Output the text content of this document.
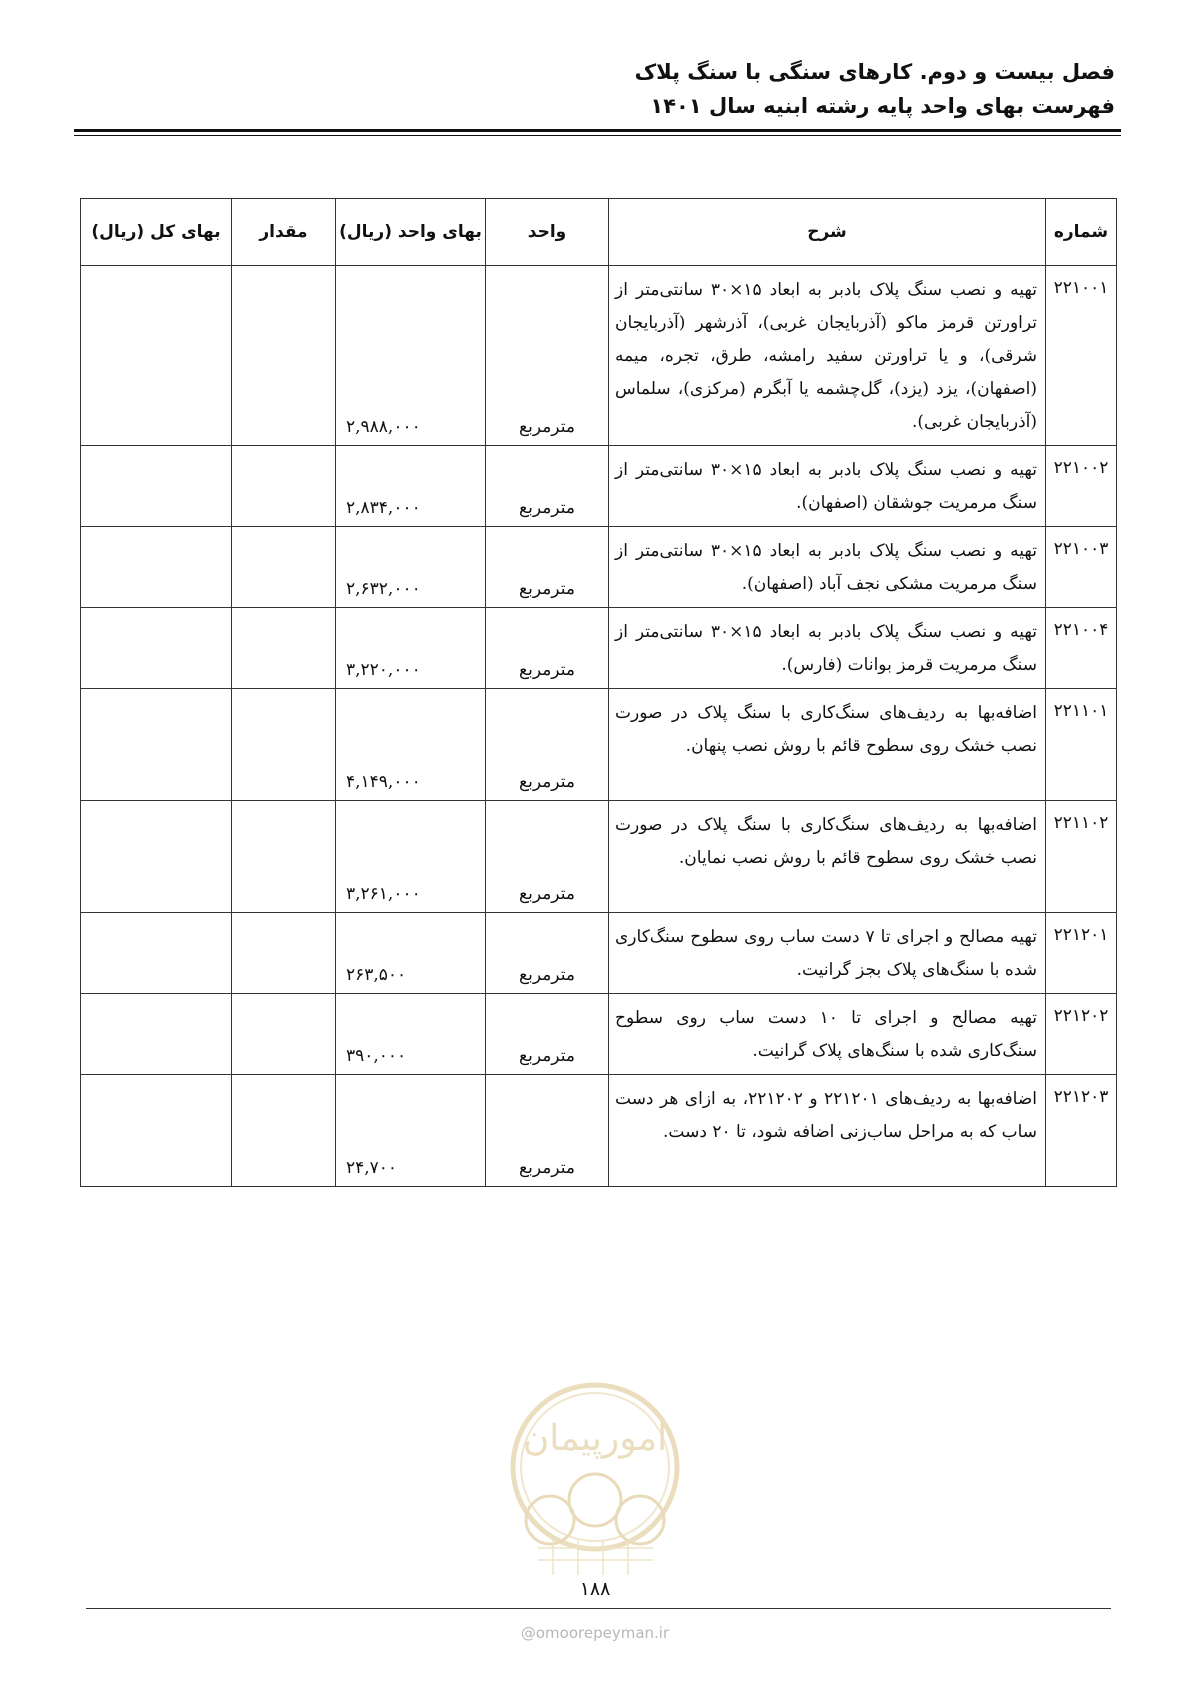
فصل بیست و دوم. کارهای سنگی با سنگ پلاک
فهرست بهای واحد پایه رشته ابنیه سال ۱۴۰۱
شماره	شرح	واحد	بهای واحد (ریال)	مقدار	بهای کل (ریال)
۲۲۱۰۰۱	تهیه و نصب سنگ پلاک بادبر به ابعاد ۱۵×۳۰ سانتی‌متر از تراورتن قرمز ماکو (آذربایجان غربی)، آذرشهر (آذربایجان شرقی)، و یا تراورتن سفید رامشه، طرق، تجره، میمه (اصفهان)، یزد (یزد)، گل‌چشمه یا آبگرم (مرکزی)، سلماس (آذربایجان غربی).	مترمربع	۲,۹۸۸,۰۰۰		
۲۲۱۰۰۲	تهیه و نصب سنگ پلاک بادبر به ابعاد ۱۵×۳۰ سانتی‌متر از سنگ مرمریت جوشقان (اصفهان).	مترمربع	۲,۸۳۴,۰۰۰		
۲۲۱۰۰۳	تهیه و نصب سنگ پلاک بادبر به ابعاد ۱۵×۳۰ سانتی‌متر از سنگ مرمریت مشکی نجف آباد (اصفهان).	مترمربع	۲,۶۳۲,۰۰۰		
۲۲۱۰۰۴	تهیه و نصب سنگ پلاک بادبر به ابعاد ۱۵×۳۰ سانتی‌متر از سنگ مرمریت قرمز بوانات (فارس).	مترمربع	۳,۲۲۰,۰۰۰		
۲۲۱۱۰۱	اضافه‌بها به ردیف‌های سنگ‌کاری با سنگ پلاک در صورت نصب خشک روی سطوح قائم با روش نصب پنهان.	مترمربع	۴,۱۴۹,۰۰۰		
۲۲۱۱۰۲	اضافه‌بها به ردیف‌های سنگ‌کاری با سنگ پلاک در صورت نصب خشک روی سطوح قائم با روش نصب نمایان.	مترمربع	۳,۲۶۱,۰۰۰		
۲۲۱۲۰۱	تهیه مصالح و اجرای تا ۷ دست ساب روی سطوح سنگ‌کاری شده با سنگ‌های پلاک بجز گرانیت.	مترمربع	۲۶۳,۵۰۰		
۲۲۱۲۰۲	تهیه مصالح و اجرای تا ۱۰ دست ساب روی سطوح سنگ‌کاری شده با سنگ‌های پلاک گرانیت.	مترمربع	۳۹۰,۰۰۰		
۲۲۱۲۰۳	اضافه‌بها به ردیف‌های ۲۲۱۲۰۱ و ۲۲۱۲۰۲، به ازای هر دست ساب که به مراحل ساب‌زنی اضافه شود، تا ۲۰ دست.	مترمربع	۲۴,۷۰۰		
امورپیمان
۱۸۸
@omoorepeyman.ir
